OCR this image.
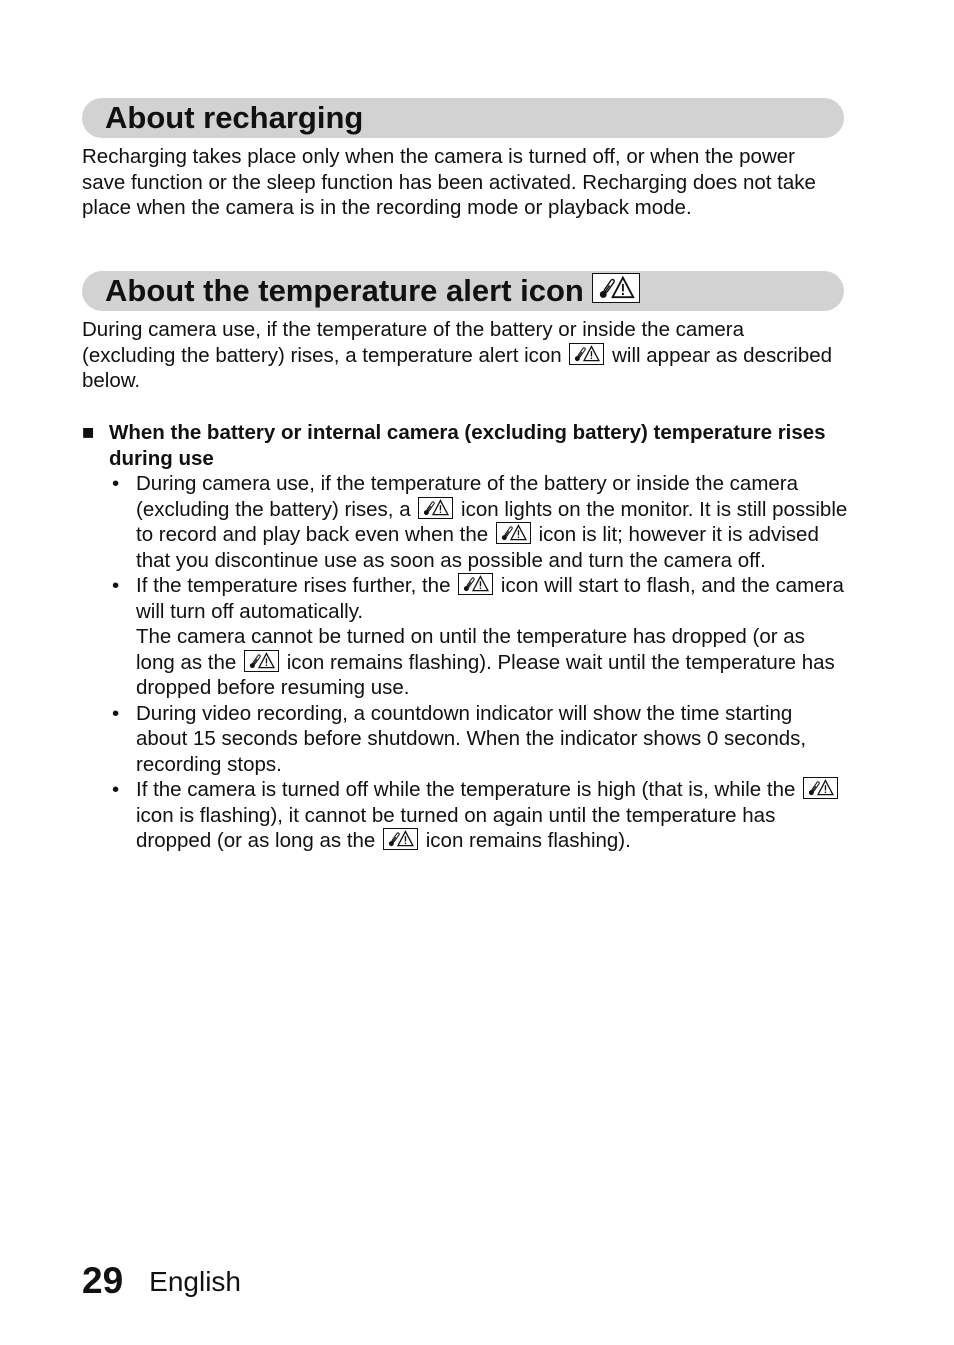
About recharging

Recharging takes place only when the camera is turned off, or when the power save function or the sleep function has been activated. Recharging does not take place when the camera is in the recording mode or playback mode.

About the temperature alert icon

During camera use, if the temperature of the battery or inside the camera (excluding the battery) rises, a temperature alert icon will appear as described below.

■ When the battery or internal camera (excluding battery) temperature rises during use
• During camera use, if the temperature of the battery or inside the camera (excluding the battery) rises, a icon lights on the monitor. It is still possible to record and play back even when the icon is lit; however it is advised that you discontinue use as soon as possible and turn the camera off.
• If the temperature rises further, the icon will start to flash, and the camera will turn off automatically.
The camera cannot be turned on until the temperature has dropped (or as long as the icon remains flashing). Please wait until the temperature has dropped before resuming use.
• During video recording, a countdown indicator will show the time starting about 15 seconds before shutdown. When the indicator shows 0 seconds, recording stops.
• If the camera is turned off while the temperature is high (that is, while the
icon is flashing), it cannot be turned on again until the temperature has dropped (or as long as the icon remains flashing).
29 English
